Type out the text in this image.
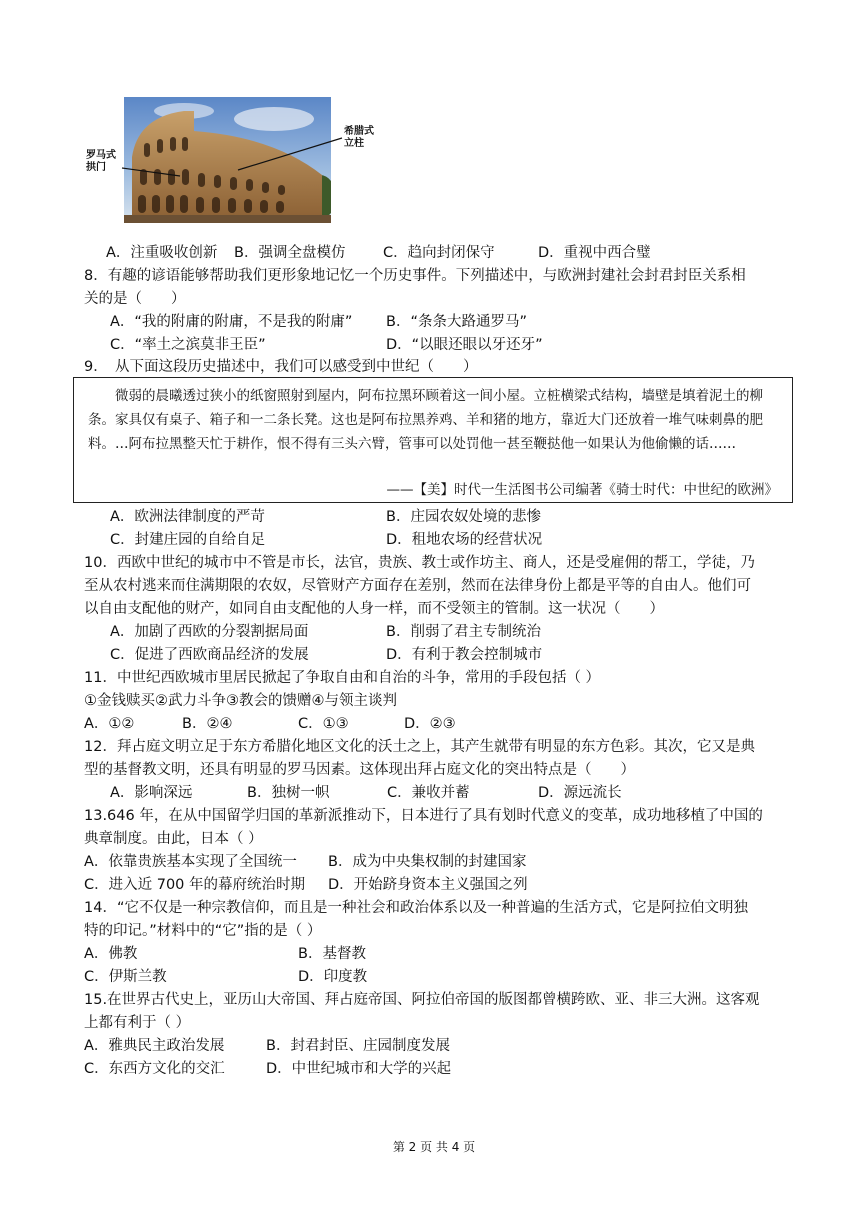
罗马式
拱门
希腊式
立柱
A．注重吸收创新 B．强调全盘模仿	C．趋向封闭保守	D．重视中西合璧
8．有趣的谚语能够帮助我们更形象地记忆一个历史事件。下列描述中，与欧洲封建社会封君封臣关系相
关的是（　　）
A．“我的附庸的附庸，不是我的附庸” B．“条条大路通罗马”
C．“率土之滨莫非王臣”	D．“以眼还眼以牙还牙”
9．　从下面这段历史描述中，我们可以感受到中世纪（　　）
微弱的晨曦透过狭小的纸窗照射到屋内，阿布拉黑环顾着这一间小屋。立桩横梁式结构，墙壁是填着泥土的柳条。家具仅有桌子、箱子和一二条长凳。这也是阿布拉黑养鸡、羊和猪的地方，靠近大门还放着一堆气味刺鼻的肥料。…阿布拉黑整天忙于耕作，恨不得有三头六臂，管事可以处罚他一甚至鞭挞他一如果认为他偷懒的话……
——【美】时代一生活图书公司编著《骑士时代：中世纪的欧洲》
A．欧洲法律制度的严苛	B．庄园农奴处境的悲惨
C．封建庄园的自给自足	D．租地农场的经营状况
10．西欧中世纪的城市中不管是市长，法官，贵族、教士或作坊主、商人，还是受雇佣的帮工，学徒，乃
至从农村逃来而住满期限的农奴，尽管财产方面存在差别，然而在法律身份上都是平等的自由人。他们可
以自由支配他的财产，如同自由支配他的人身一样，而不受领主的管制。这一状况（　　）
A．加剧了西欧的分裂割据局面	B．削弱了君主专制统治
C．促进了西欧商品经济的发展	D．有利于教会控制城市
11．中世纪西欧城市里居民掀起了争取自由和自治的斗争，常用的手段包括（ ）
①金钱赎买②武力斗争③教会的馈赠④与领主谈判
A．①②	B．②④	C．①③	D．②③
12．拜占庭文明立足于东方希腊化地区文化的沃土之上，其产生就带有明显的东方色彩。其次，它又是典
型的基督教文明，还具有明显的罗马因素。这体现出拜占庭文化的突出特点是（　　）
A．影响深远	B．独树一帜	C．兼收并蓄	D．源远流长
13.646 年，在从中国留学归国的革新派推动下，日本进行了具有划时代意义的变革，成功地移植了中国的
典章制度。由此，日本（ ）
A．依靠贵族基本实现了全国统一 B．成为中央集权制的封建国家
C．进入近 700 年的幕府统治时期 D．开始跻身资本主义强国之列
14．“它不仅是一种宗教信仰，而且是一种社会和政治体系以及一种普遍的生活方式，它是阿拉伯文明独
特的印记。”材料中的“它”指的是（ ）
A．佛教	B．基督教
C．伊斯兰教	D．印度教
15.在世界古代史上，亚历山大帝国、拜占庭帝国、阿拉伯帝国的版图都曾横跨欧、亚、非三大洲。这客观
上都有利于（ ）
A．雅典民主政治发展	B．封君封臣、庄园制度发展
C．东西方文化的交汇	D．中世纪城市和大学的兴起
第 2 页 共 4 页
